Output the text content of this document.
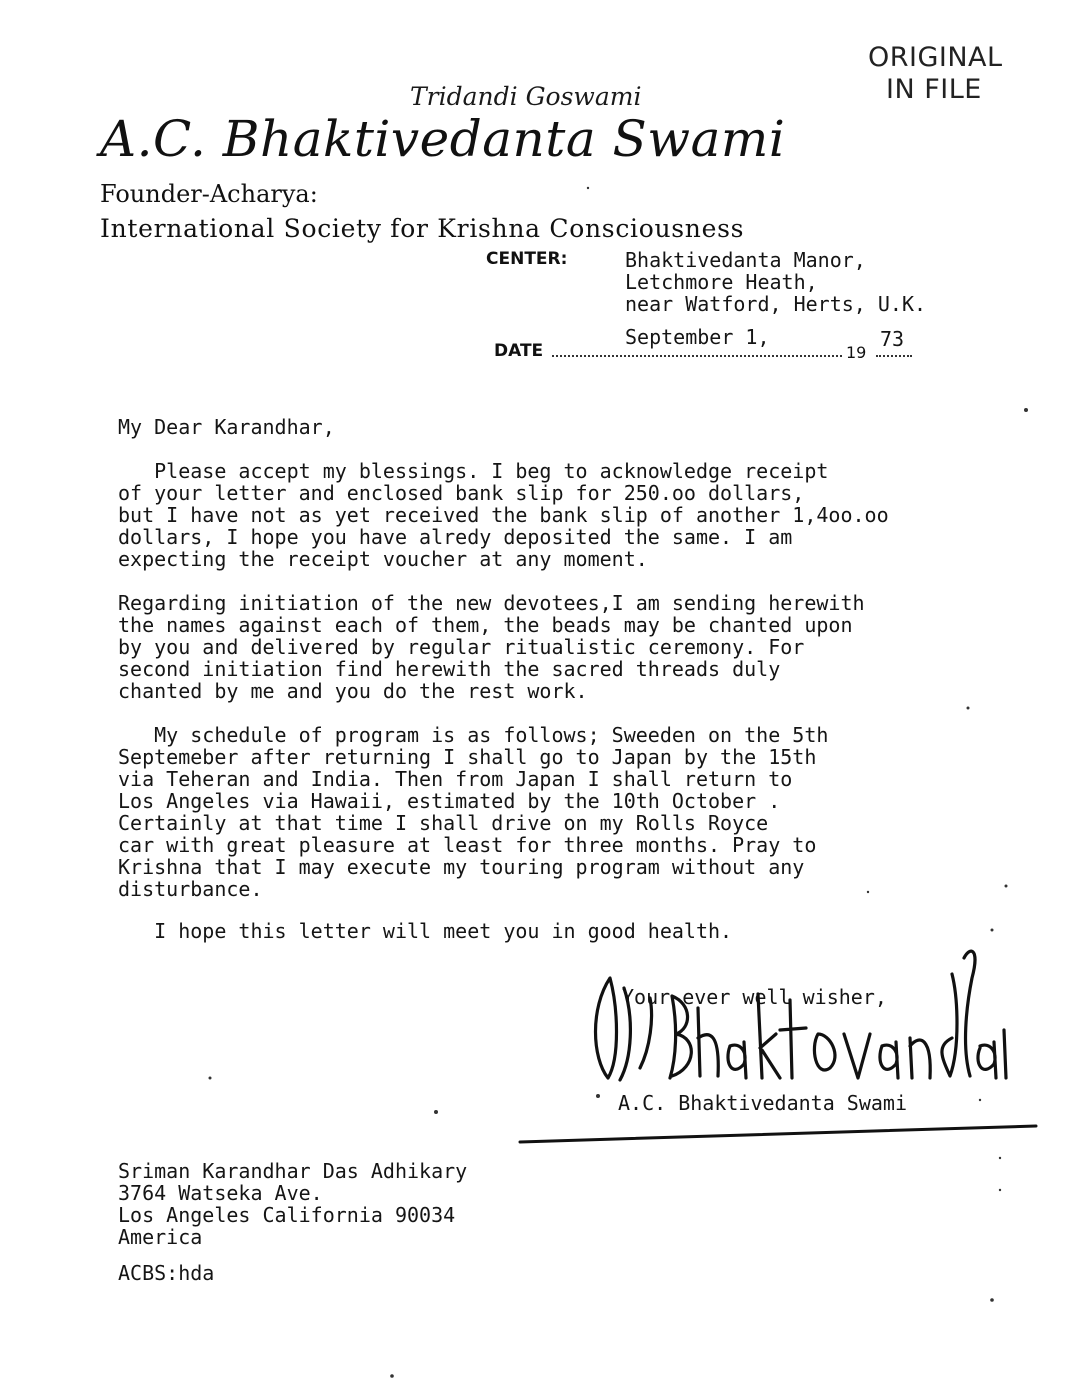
ORIGINAL
IN FILE
Tridandi Goswami
A.C. Bhaktivedanta Swami
Founder-Acharya:
International Society for Krishna Consciousness
CENTER:	Bhaktivedanta Manor,
Letchmore Heath,
near Watford, Herts, U.K.
DATE
September 1,
19
73
My Dear Karandhar,
Please accept my blessings. I beg to acknowledge receipt
of your letter and enclosed bank slip for 250.oo dollars,
but I have not as yet received the bank slip of another 1,4oo.oo
dollars, I hope you have alredy deposited the same. I am
expecting the receipt voucher at any moment.
Regarding initiation of the new devotees,I am sending herewith
the names against each of them, the beads may be chanted upon
by you and delivered by regular ritualistic ceremony. For
second initiation find herewith the sacred threads duly
chanted by me and you do the rest work.
My schedule of program is as follows; Sweeden on the 5th
Septemeber after returning I shall go to Japan by the 15th
via Teheran and India. Then from Japan I shall return to
Los Angeles via Hawaii, estimated by the 10th October .
Certainly at that time I shall drive on my Rolls Royce
car with great pleasure at least for three months. Pray to
Krishna that I may execute my touring program without any
disturbance.
I hope this letter will meet you in good health.
Your ever well wisher,
A.C. Bhaktivedanta Swami
Sriman Karandhar Das Adhikary
3764 Watseka Ave.
Los Angeles California 90034
America
ACBS:hda
